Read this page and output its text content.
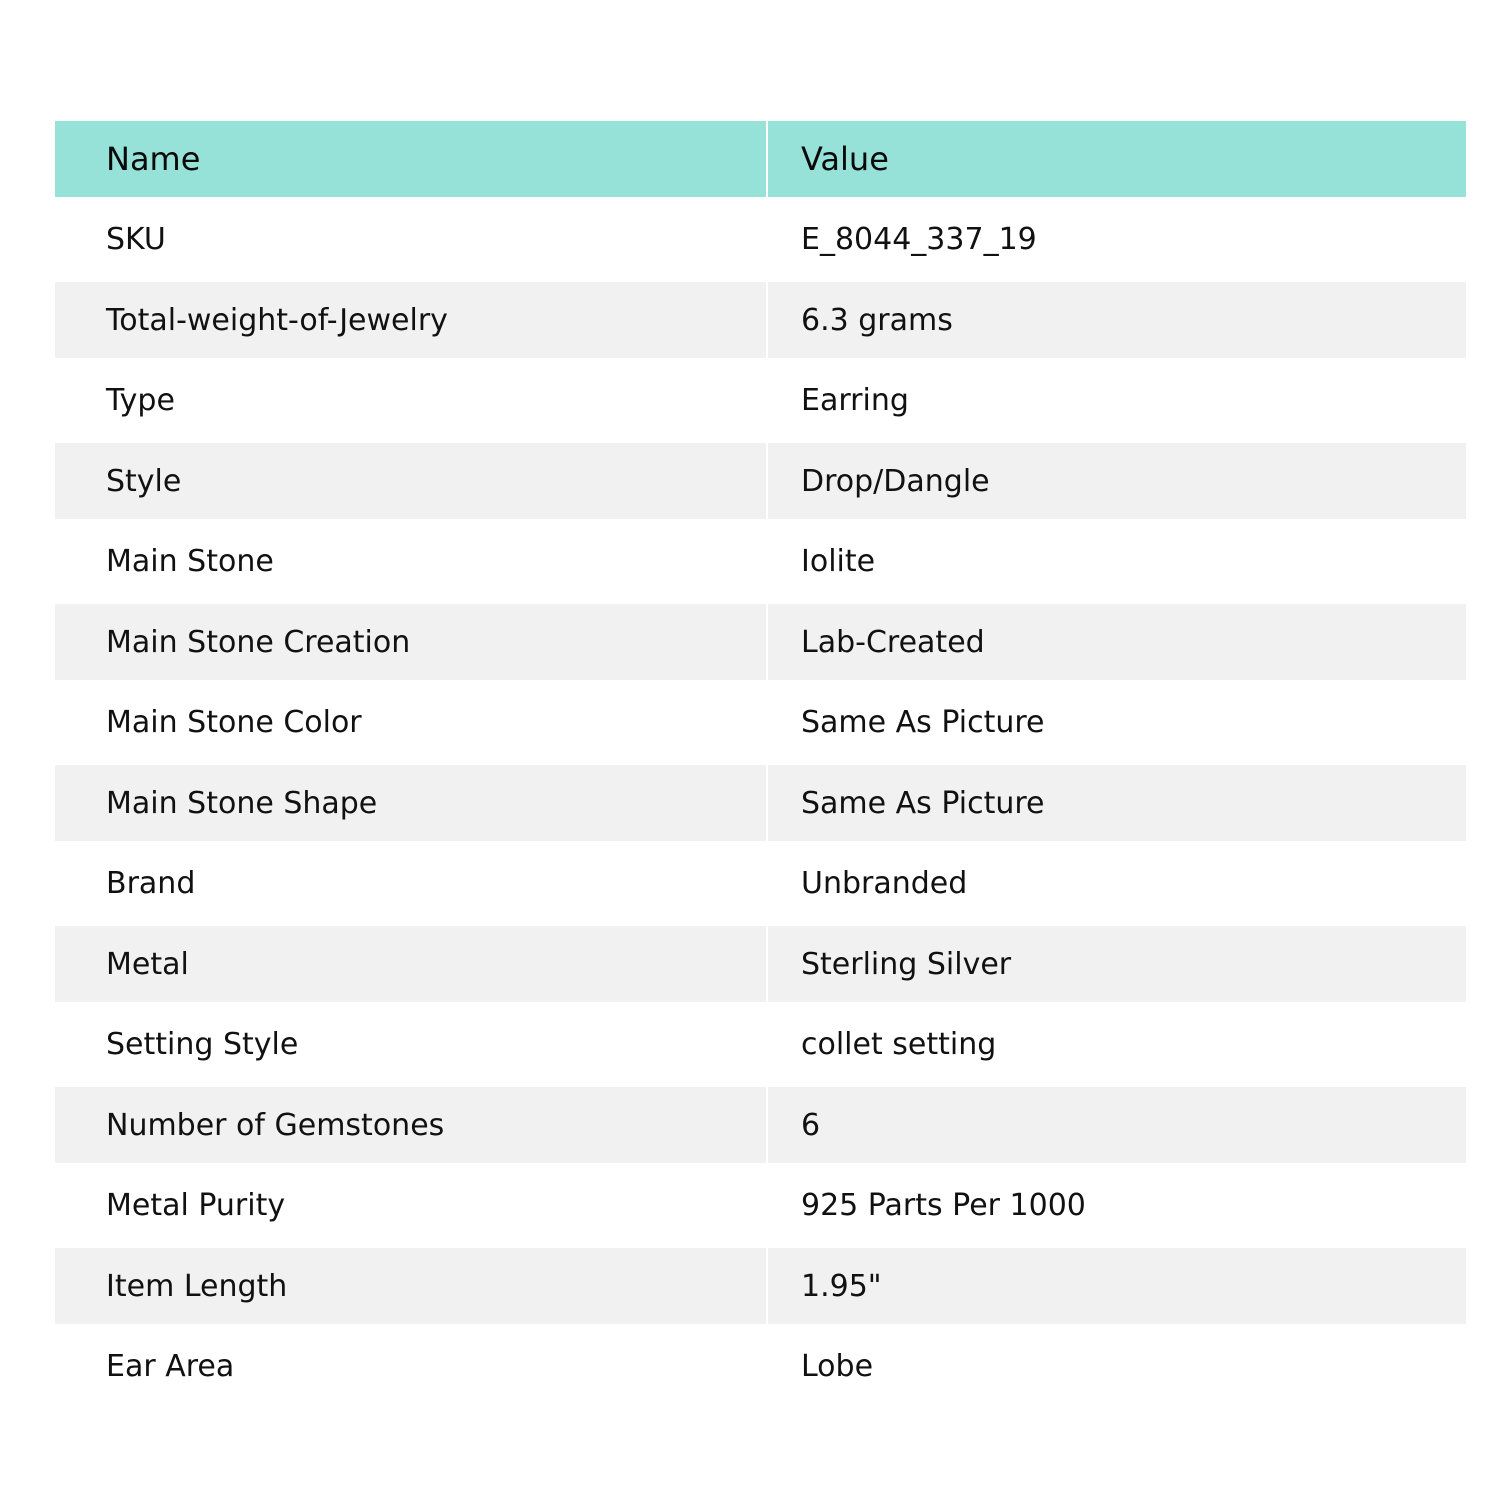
Name	Value
SKU	E_8044_337_19
Total-weight-of-Jewelry	6.3 grams
Type	Earring
Style	Drop/Dangle
Main Stone	Iolite
Main Stone Creation	Lab-Created
Main Stone Color	Same As Picture
Main Stone Shape	Same As Picture
Brand	Unbranded
Metal	Sterling Silver
Setting Style	collet setting
Number of Gemstones	6
Metal Purity	925 Parts Per 1000
Item Length	1.95"
Ear Area	Lobe
